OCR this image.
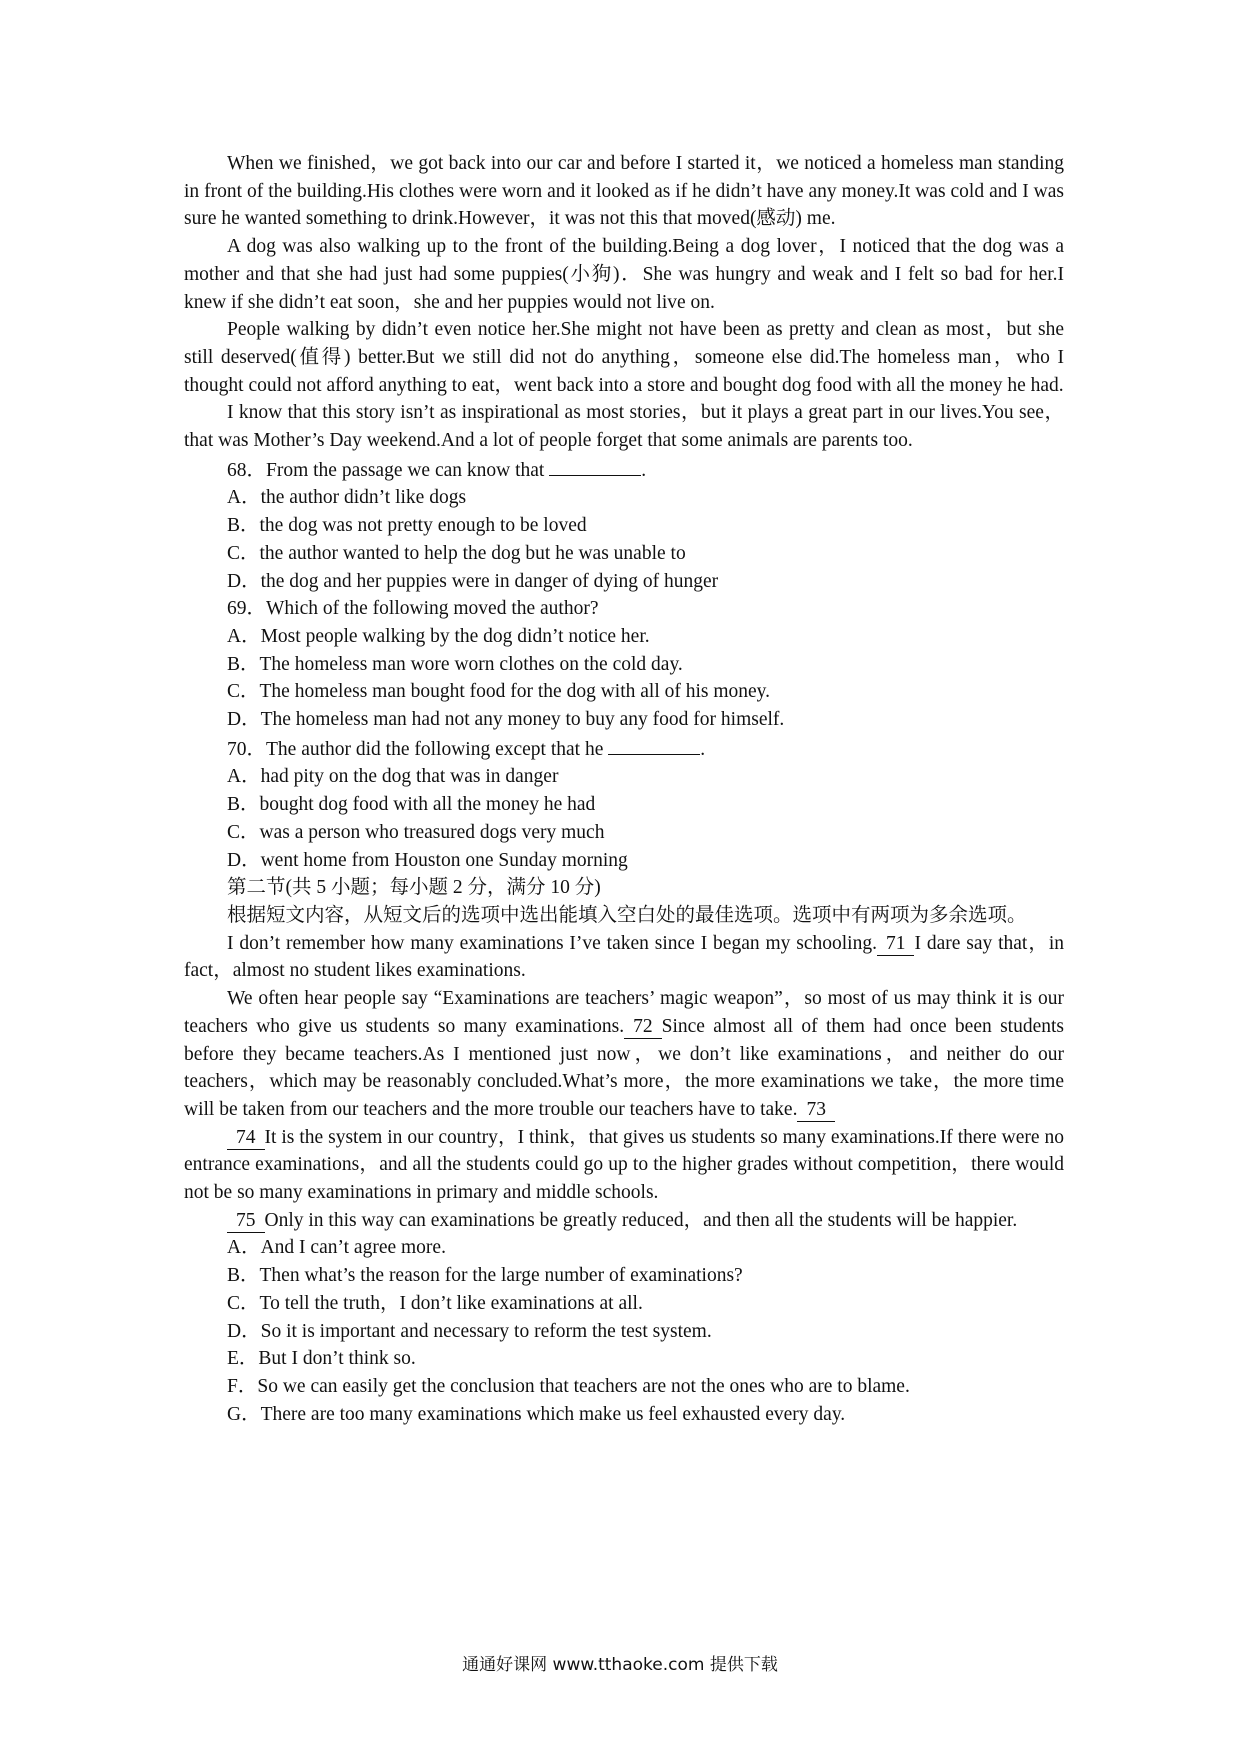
When we finished，we got back into our car and before I started it，we noticed a homeless man standing in front of the building.His clothes were worn and it looked as if he didn’t have any money.It was cold and I was sure he wanted something to drink.However，it was not this that moved(感动) me.

A dog was also walking up to the front of the building.Being a dog lover，I noticed that the dog was a mother and that she had just had some puppies(小狗)．She was hungry and weak and I felt so bad for her.I knew if she didn’t eat soon，she and her puppies would not live on.

People walking by didn’t even notice her.She might not have been as pretty and clean as most，but she still deserved(值得) better.But we still did not do anything，someone else did.The homeless man，who I thought could not afford anything to eat，went back into a store and bought dog food with all the money he had.

I know that this story isn’t as inspirational as most stories，but it plays a great part in our lives.You see，that was Mother’s Day weekend.And a lot of people forget that some animals are parents too.

68．From the passage we can know that	.

A．the author didn’t like dogs

B．the dog was not pretty enough to be loved

C．the author wanted to help the dog but he was unable to

D．the dog and her puppies were in danger of dying of hunger

69．Which of the following moved the author?

A．Most people walking by the dog didn’t notice her.

B．The homeless man wore worn clothes on the cold day.

C．The homeless man bought food for the dog with all of his money.

D．The homeless man had not any money to buy any food for himself.

70．The author did the following except that he	.

A．had pity on the dog that was in danger

B．bought dog food with all the money he had

C．was a person who treasured dogs very much

D．went home from Houston one Sunday morning

第二节(共 5 小题；每小题 2 分，满分 10 分)

根据短文内容，从短文后的选项中选出能填入空白处的最佳选项。选项中有两项为多余选项。

I don’t remember how many examinations I’ve taken since I began my schooling. 71 I dare say that，in fact，almost no student likes examinations.

We often hear people say “Examinations are teachers’ magic weapon”，so most of us may think it is our teachers who give us students so many examinations. 72 Since almost all of them had once been students before they became teachers.As I mentioned just now，we don’t like examinations，and neither do our teachers，which may be reasonably concluded.What’s more，the more examinations we take，the more time will be taken from our teachers and the more trouble our teachers have to take. 73

74 It is the system in our country，I think，that gives us students so many examinations.If there were no entrance examinations，and all the students could go up to the higher grades without competition，there would not be so many examinations in primary and middle schools.

75 Only in this way can examinations be greatly reduced，and then all the students will be happier.

A．And I can’t agree more.

B．Then what’s the reason for the large number of examinations?

C．To tell the truth，I don’t like examinations at all.

D．So it is important and necessary to reform the test system.

E．But I don’t think so.

F．So we can easily get the conclusion that teachers are not the ones who are to blame.

G．There are too many examinations which make us feel exhausted every day.

通通好课网 www.tthaoke.com 提供下载
